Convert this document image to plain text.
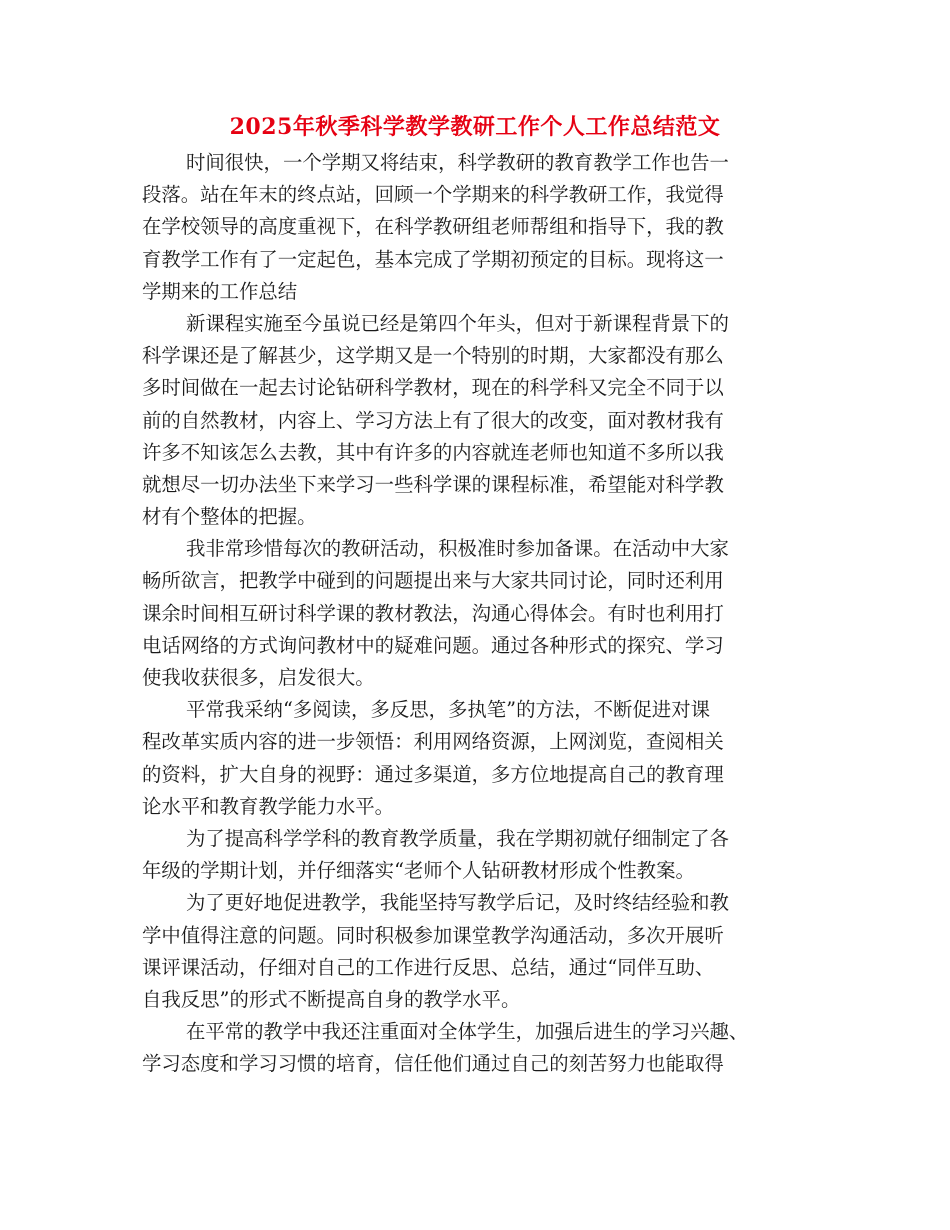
2025年秋季科学教学教研工作个人工作总结范文
时间很快，一个学期又将结束，科学教研的教育教学工作也告一
段落。站在年末的终点站，回顾一个学期来的科学教研工作，我觉得
在学校领导的高度重视下，在科学教研组老师帮组和指导下，我的教
育教学工作有了一定起色，基本完成了学期初预定的目标。现将这一
学期来的工作总结
新课程实施至今虽说已经是第四个年头，但对于新课程背景下的
科学课还是了解甚少，这学期又是一个特别的时期，大家都没有那么
多时间做在一起去讨论钻研科学教材，现在的科学科又完全不同于以
前的自然教材，内容上、学习方法上有了很大的改变，面对教材我有
许多不知该怎么去教，其中有许多的内容就连老师也知道不多所以我
就想尽一切办法坐下来学习一些科学课的课程标准，希望能对科学教
材有个整体的把握。
我非常珍惜每次的教研活动，积极准时参加备课。在活动中大家
畅所欲言，把教学中碰到的问题提出来与大家共同讨论，同时还利用
课余时间相互研讨科学课的教材教法，沟通心得体会。有时也利用打
电话网络的方式询问教材中的疑难问题。通过各种形式的探究、学习
使我收获很多，启发很大。
平常我采纳“多阅读，多反思，多执笔”的方法，不断促进对课
程改革实质内容的进一步领悟：利用网络资源，上网浏览，查阅相关
的资料，扩大自身的视野：通过多渠道，多方位地提高自己的教育理
论水平和教育教学能力水平。
为了提高科学学科的教育教学质量，我在学期初就仔细制定了各
年级的学期计划，并仔细落实“老师个人钻研教材形成个性教案。
为了更好地促进教学，我能坚持写教学后记，及时终结经验和教
学中值得注意的问题。同时积极参加课堂教学沟通活动，多次开展听
课评课活动，仔细对自己的工作进行反思、总结，通过“同伴互助、
自我反思”的形式不断提高自身的教学水平。
在平常的教学中我还注重面对全体学生，加强后进生的学习兴趣、
学习态度和学习习惯的培育，信任他们通过自己的刻苦努力也能取得
